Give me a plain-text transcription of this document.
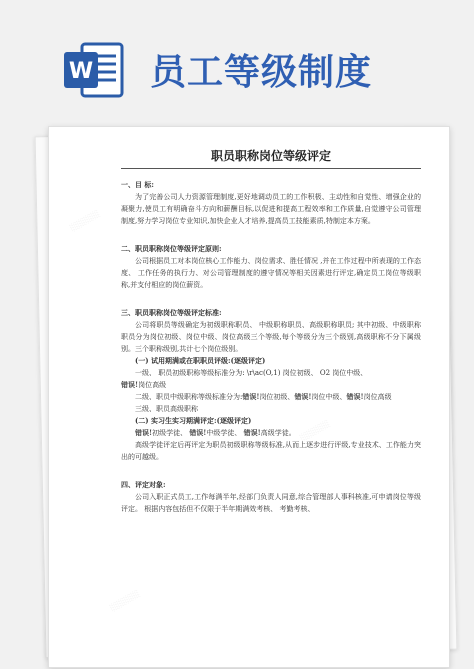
W 员工等级制度
░░░░░░
░░░░░░
░░░░░░
职员职称岗位等级评定

一、目 标:

为了完善公司人力资源管理制度,更好地调动员工的工作积极、主动性和自觉性、增强企业的凝聚力,使员工有明确奋斗方向和薪酬目标,以促进和提高工程效率和工作质量,自觉遵守公司管理制度,努力学习岗位专业知识,加快企业人才培养,提高员工技能素质,特制定本方案。

二、职员职称岗位等级评定原则:

公司根据员工对本岗位核心工作能力、岗位需求、胜任情况 ,并在工作过程中所表现的工作态度、 工作任务的执行力、对公司管理制度的遵守情况等相关因素进行评定,确定员工岗位等级职称,并支付相应的岗位薪资。

三、职员职称岗位等级评定标准:

公司将职员等级确定为初级职称职员、 中级职称职员、高级职称职员; 其中初级、中级职称职员分为岗位初级、岗位中级、岗位高级三个等级,每个等级分为三个级别,高级职称不分下属级别。三个职称级别,共计七个岗位级别。

(一) 试用期满或在职职员评级:(逐级评定)

一级、 职员初级职称等级标准分为: \r\ac(O,1) 岗位初级、 O2 岗位中级、

错误!岗位高级

二级、职员中级职称等级标准分为:错误!岗位初级、错误!岗位中级、错误!岗位高级

三级、职员高级职称

(二) 实习生实习期满评定:(逐级评定)

错误!初级学徒、 错误!中级学徒、 错误!高级学徒。

高级学徒评定后再评定为职员初级职称等级标准,从而上逐步进行评级,专业技术、工作能力突出的可越级。

四、评定对象:

公司入职正式员工,工作每满半年,经部门负责人同意,综合管理部人事科核准,可申请岗位等级评定。 根据内容包括但不仅限于半年期满效考核、 考勤考核、
